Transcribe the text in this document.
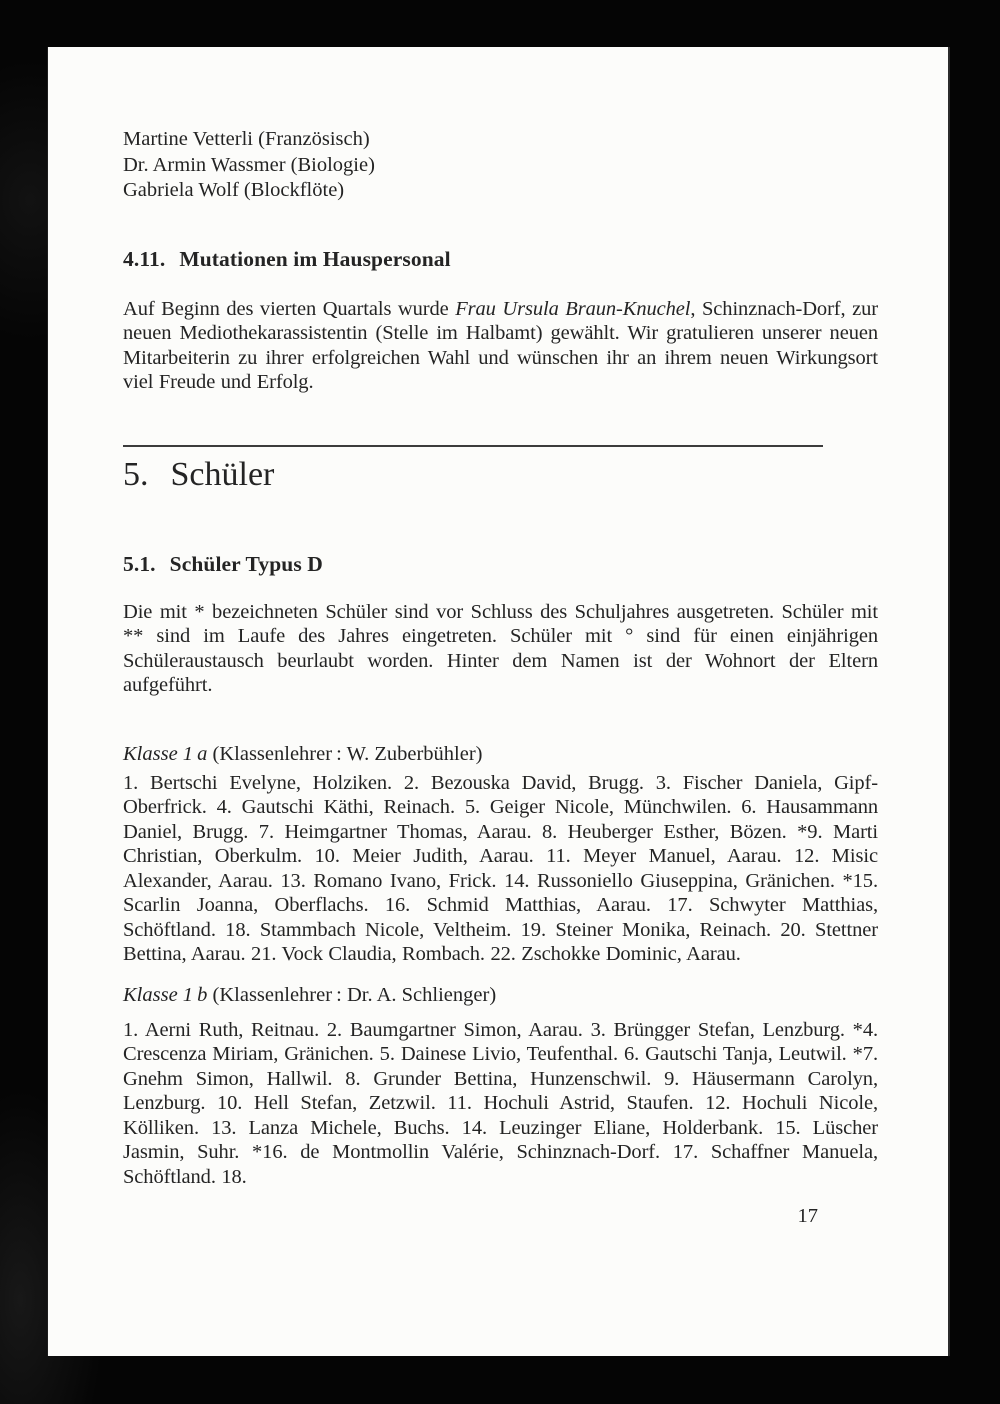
Martine Vetterli (Französisch)

Dr. Armin Wassmer (Biologie)

Gabriela Wolf (Blockflöte)

4.11. Mutationen im Hauspersonal

Auf Beginn des vierten Quartals wurde Frau Ursula Braun-Knuchel, Schinznach-Dorf, zur neuen Mediothekarassistentin (Stelle im Halbamt) gewählt. Wir gratulieren unserer neuen Mitarbeiterin zu ihrer erfolgreichen Wahl und wünschen ihr an ihrem neuen Wirkungsort viel Freude und Erfolg.

5. Schüler

5.1. Schüler Typus D

Die mit * bezeichneten Schüler sind vor Schluss des Schuljahres ausgetreten. Schüler mit ** sind im Laufe des Jahres eingetreten. Schüler mit ° sind für einen einjährigen Schüleraustausch beurlaubt worden. Hinter dem Namen ist der Wohnort der Eltern aufgeführt.

Klasse 1 a (Klassenlehrer : W. Zuberbühler)

1. Bertschi Evelyne, Holziken. 2. Bezouska David, Brugg. 3. Fischer Daniela, Gipf-Oberfrick. 4. Gautschi Käthi, Reinach. 5. Geiger Nicole, Münchwilen. 6. Hausammann Daniel, Brugg. 7. Heimgartner Thomas, Aarau. 8. Heuberger Esther, Bözen. *9. Marti Christian, Oberkulm. 10. Meier Judith, Aarau. 11. Meyer Manuel, Aarau. 12. Misic Alexander, Aarau. 13. Romano Ivano, Frick. 14. Russoniello Giuseppina, Gränichen. *15. Scarlin Joanna, Oberflachs. 16. Schmid Matthias, Aarau. 17. Schwyter Matthias, Schöftland. 18. Stammbach Nicole, Veltheim. 19. Steiner Monika, Reinach. 20. Stettner Bettina, Aarau. 21. Vock Claudia, Rombach. 22. Zschokke Dominic, Aarau.

Klasse 1 b (Klassenlehrer : Dr. A. Schlienger)

1. Aerni Ruth, Reitnau. 2. Baumgartner Simon, Aarau. 3. Brüngger Stefan, Lenzburg. *4. Crescenza Miriam, Gränichen. 5. Dainese Livio, Teufenthal. 6. Gautschi Tanja, Leutwil. *7. Gnehm Simon, Hallwil. 8. Grunder Bettina, Hunzenschwil. 9. Häusermann Carolyn, Lenzburg. 10. Hell Stefan, Zetzwil. 11. Hochuli Astrid, Staufen. 12. Hochuli Nicole, Kölliken. 13. Lanza Michele, Buchs. 14. Leuzinger Eliane, Holderbank. 15. Lüscher Jasmin, Suhr. *16. de Montmollin Valérie, Schinznach-Dorf. 17. Schaffner Manuela, Schöftland. 18.

17
